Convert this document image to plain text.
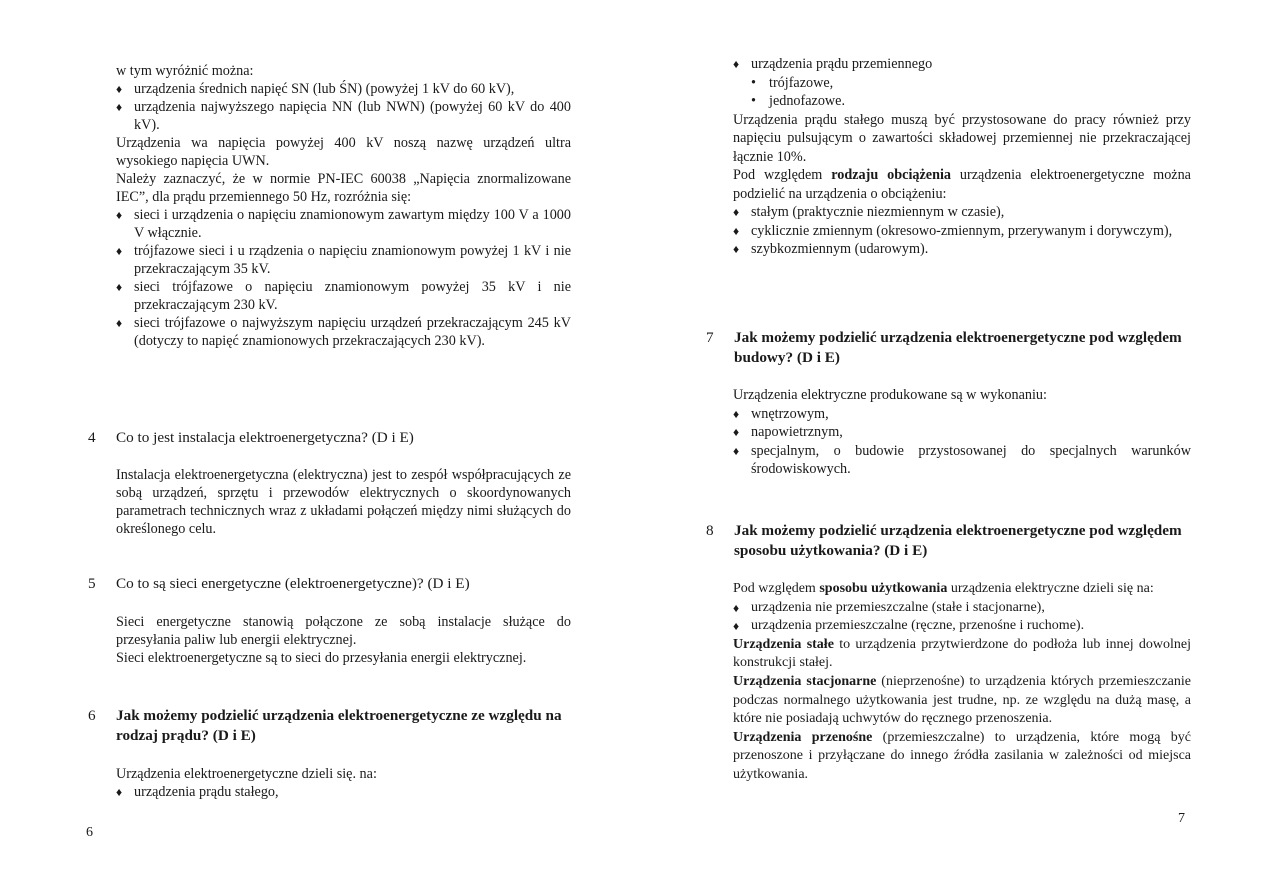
w tym wyróżnić można:

♦ urządzenia średnich napięć SN (lub ŚN) (powyżej 1 kV do 60 kV),

♦ urządzenia najwyższego napięcia NN (lub NWN) (powyżej 60 kV do 400 kV).

Urządzenia wa napięcia powyżej 400 kV noszą nazwę urządzeń ultra wysokiego napięcia UWN.

Należy zaznaczyć, że w normie PN-IEC 60038 „Napięcia znormalizowane IEC”, dla prądu przemiennego 50 Hz, rozróżnia się:

♦ sieci i urządzenia o napięciu znamionowym zawartym między 100 V a 1000 V włącznie.

♦ trójfazowe sieci i u rządzenia o napięciu znamionowym powyżej 1 kV i nie przekraczającym 35 kV.

♦ sieci trójfazowe o napięciu znamionowym powyżej 35 kV i nie przekraczającym 230 kV.

♦ sieci trójfazowe o najwyższym napięciu urządzeń przekraczającym 245 kV (dotyczy to napięć znamionowych przekraczających 230 kV).

4	Co to jest instalacja elektroenergetyczna? (D i E)

Instalacja elektroenergetyczna (elektryczna) jest to zespół współpracujących ze sobą urządzeń, sprzętu i przewodów elektrycznych o skoordynowanych parametrach technicznych wraz z układami połączeń między nimi służących do określonego celu.

5	Co to są sieci energetyczne (elektroenergetyczne)? (D i E)

Sieci energetyczne stanowią połączone ze sobą instalacje służące do przesyłania paliw lub energii elektrycznej.

Sieci elektroenergetyczne są to sieci do przesyłania energii elektrycznej.

6	Jak możemy podzielić urządzenia elektroenergetyczne ze względu na rodzaj prądu? (D i E)

Urządzenia elektroenergetyczne dzieli się. na:

♦ urządzenia prądu stałego,

6

♦ urządzenia prądu przemiennego

• trójfazowe,

• jednofazowe.

Urządzenia prądu stałego muszą być przystosowane do pracy również przy napięciu pulsującym o zawartości składowej przemiennej nie przekraczającej łącznie 10%.

Pod względem rodzaju obciążenia urządzenia elektroenergetyczne można podzielić na urządzenia o obciążeniu:

♦ stałym (praktycznie niezmiennym w czasie),

♦ cyklicznie zmiennym (okresowo-zmiennym, przerywanym i dorywczym),

♦ szybkozmiennym (udarowym).

7	Jak możemy podzielić urządzenia elektroenergetyczne pod względem budowy? (D i E)

Urządzenia elektryczne produkowane są w wykonaniu:

♦ wnętrzowym,

♦ napowietrznym,

♦ specjalnym, o budowie przystosowanej do specjalnych warunków środowiskowych.

8	Jak możemy podzielić urządzenia elektroenergetyczne pod względem sposobu użytkowania? (D i E)

Pod względem sposobu użytkowania urządzenia elektryczne dzieli się na:

♦ urządzenia nie przemieszczalne (stałe i stacjonarne),

♦ urządzenia przemieszczalne (ręczne, przenośne i ruchome).

Urządzenia stałe to urządzenia przytwierdzone do podłoża lub innej dowolnej konstrukcji stałej.

Urządzenia stacjonarne (nieprzenośne) to urządzenia których przemieszczanie podczas normalnego użytkowania jest trudne, np. ze względu na dużą masę, a które nie posiadają uchwytów do ręcznego przenoszenia.

Urządzenia przenośne (przemieszczalne) to urządzenia, które mogą być przenoszone i przyłączane do innego źródła zasilania w zależności od miejsca użytkowania.

7
